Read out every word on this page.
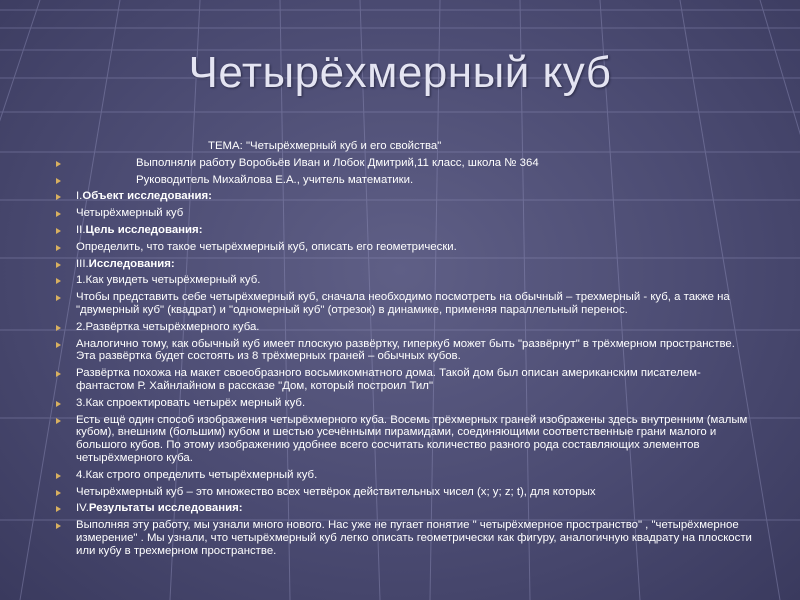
Четырёхмерный куб
ТЕМА: "Четырёхмерный куб и его свойства"
Выполняли работу Воробьёв Иван и Лобок Дмитрий,11 класс, школа № 364
Руководитель Михайлова Е.А., учитель математики.
I.Объект исследования:
Четырёхмерный куб
II.Цель исследования:
Определить, что такое четырёхмерный куб, описать его геометрически.
III.Исследования:
1.Как увидеть четырёхмерный куб.
Чтобы представить себе четырёхмерный куб, сначала необходимо посмотреть на обычный – трехмерный - куб, а также на "двумерный куб" (квадрат) и "одномерный куб" (отрезок) в динамике, применяя параллельный перенос.
2.Развёртка четырёхмерного куба.
Аналогично тому, как обычный куб имеет плоскую развёртку, гиперкуб может быть "развёрнут" в трёхмерном пространстве. Эта развёртка будет состоять из 8 трёхмерных граней – обычных кубов.
Развёртка похожа на макет своеобразного восьмикомнатного дома. Такой дом был описан американским писателем- фантастом Р. Хайнлайном в рассказе "Дом, который построил Тил"
3.Как спроектировать четырёх мерный куб.
Есть ещё один способ изображения четырёхмерного куба. Восемь трёхмерных граней изображены здесь внутренним (малым кубом), внешним (большим) кубом и шестью усечёнными пирамидами, соединяющими соответственные грани малого и большого кубов. По этому изображению удобнее всего сосчитать количество разного рода составляющих элементов четырёхмерного куба.
4.Как строго определить четырёхмерный куб.
Четырёхмерный куб – это множество всех четвёрок действительных чисел (x; y; z; t), для которых
IV.Результаты исследования:
Выполняя эту работу, мы узнали много нового. Нас уже не пугает понятие " четырёхмерное пространство" , "четырёхмерное измерение" . Мы узнали, что четырёхмерный куб легко описать геометрически как фигуру, аналогичную квадрату на плоскости или кубу в трехмерном пространстве.
